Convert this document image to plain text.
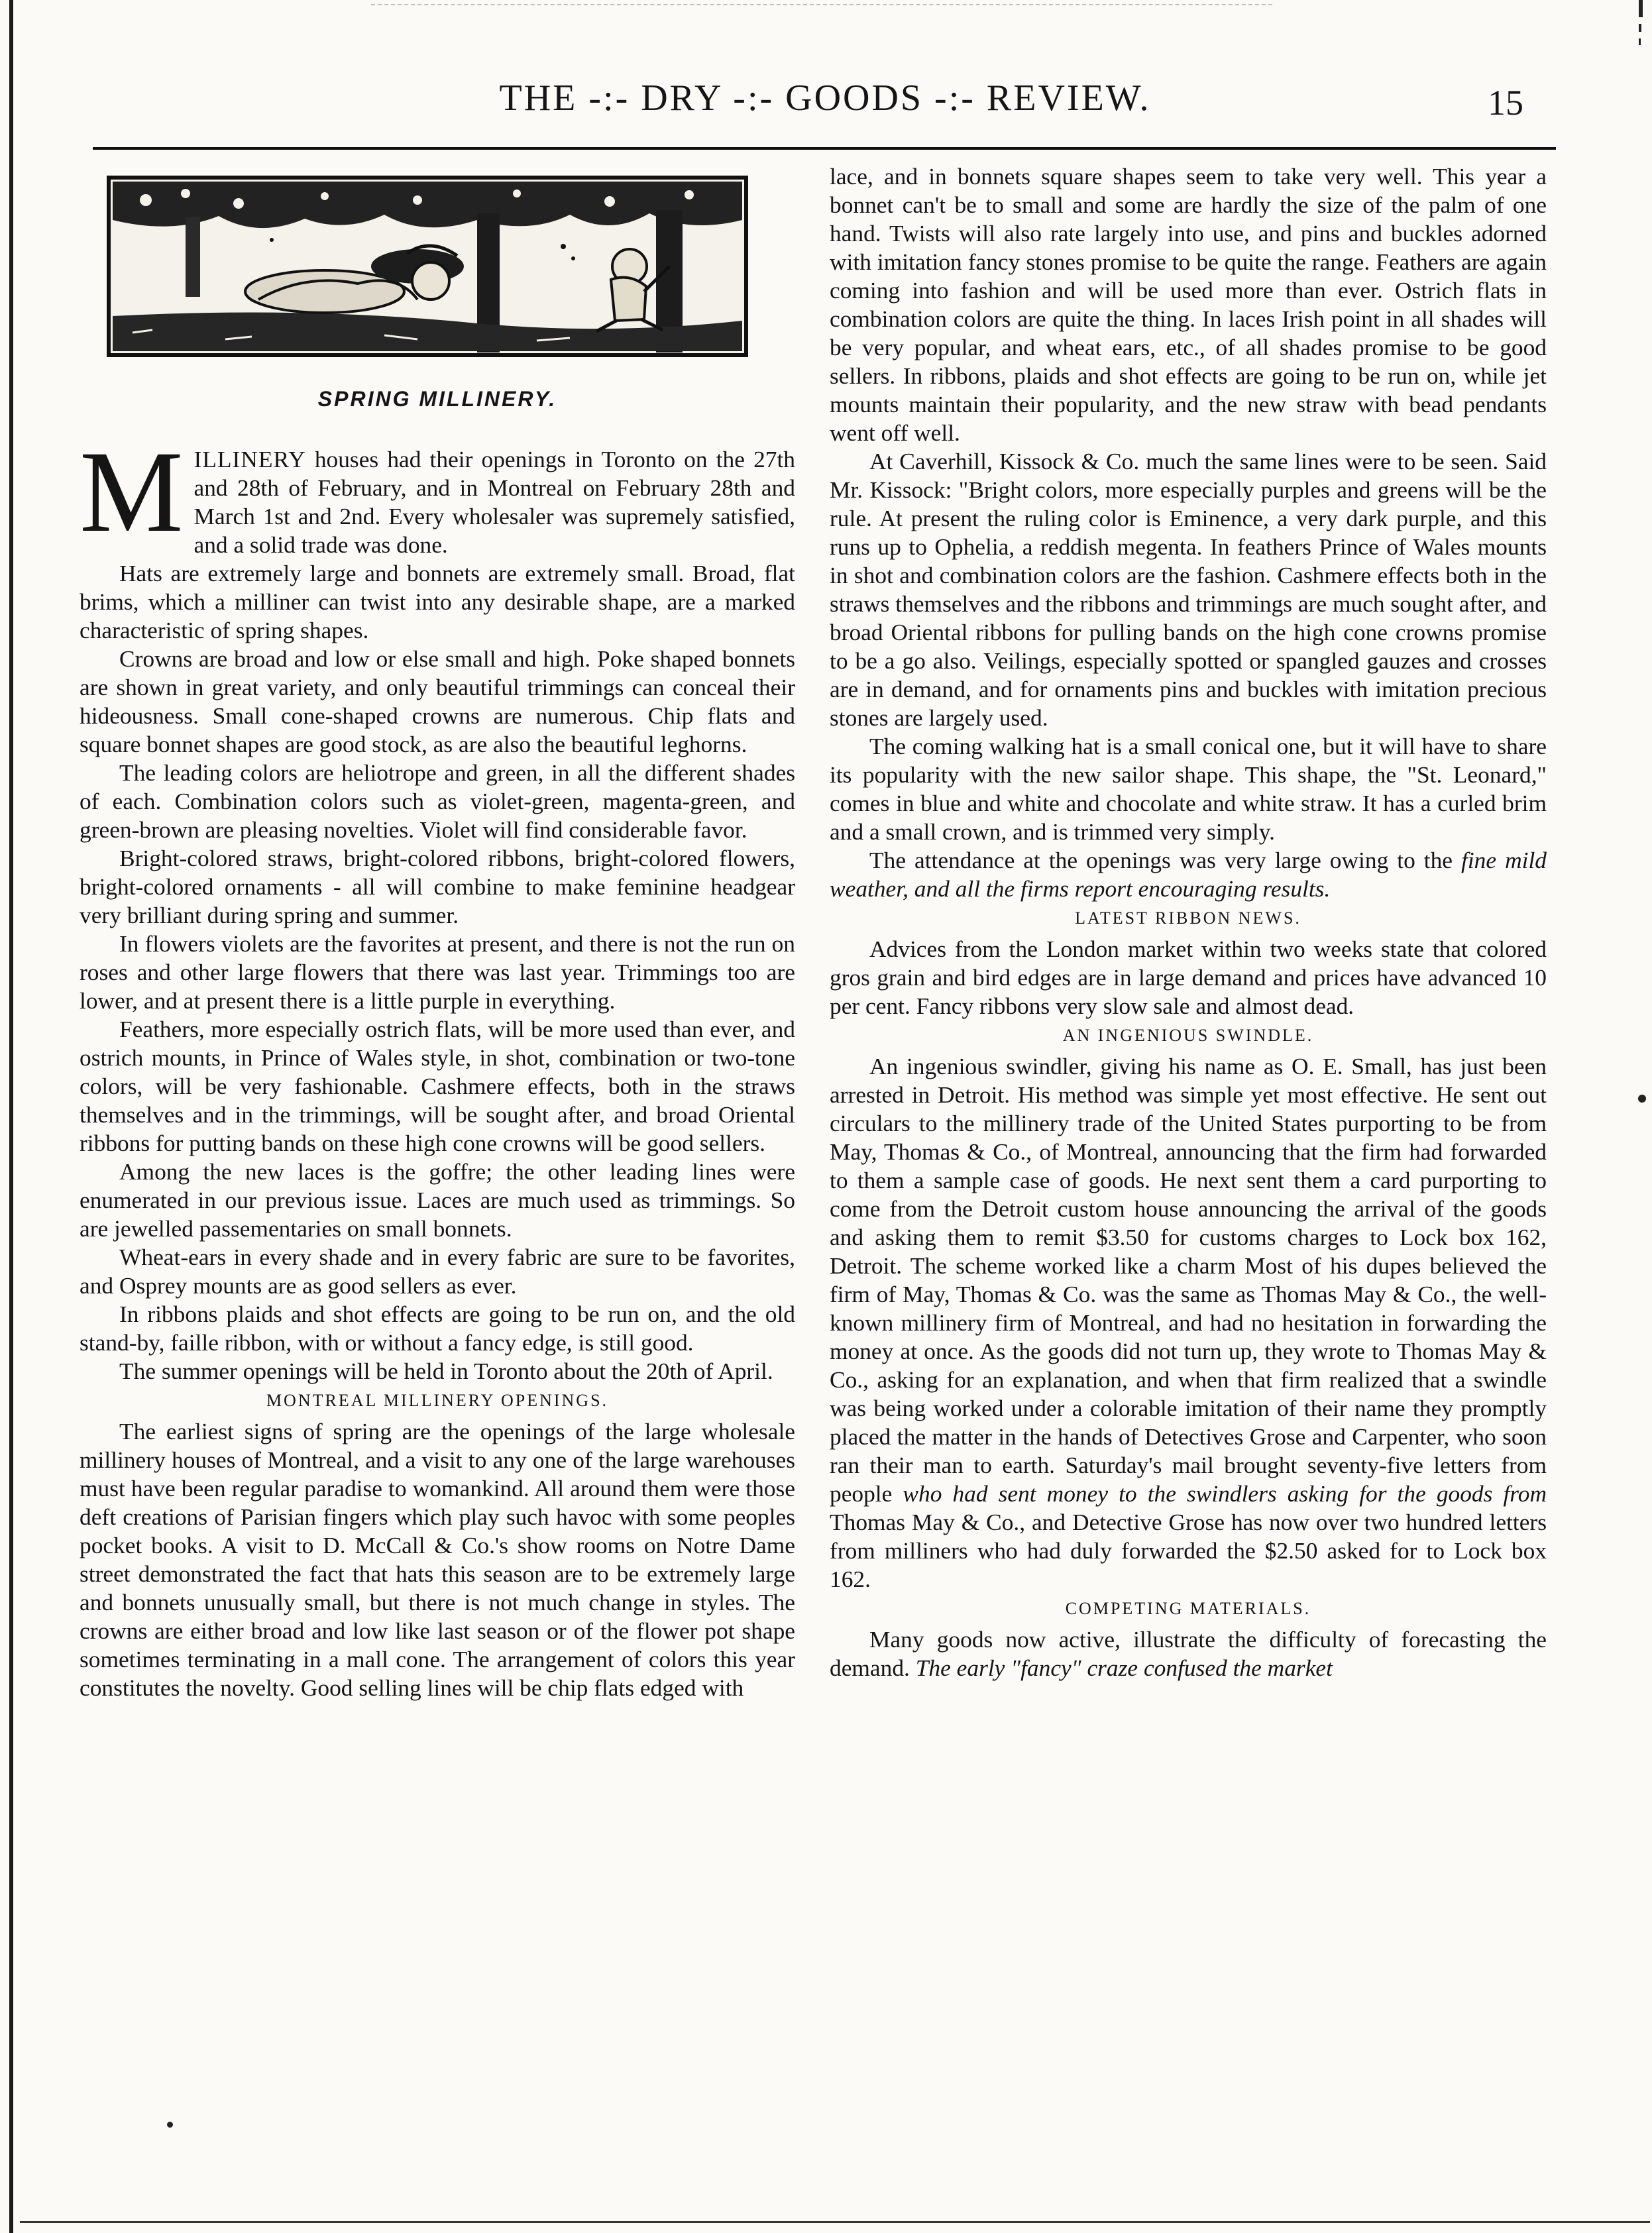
THE -:- DRY -:- GOODS -:- REVIEW.	15
SPRING MILLINERY.
M ILLINERY houses had their openings in Toronto on the 27th and 28th of February, and in Montreal on February 28th and March 1st and 2nd. Every wholesaler was supremely satisfied, and a solid trade was done.

Hats are extremely large and bonnets are extremely small. Broad, flat brims, which a milliner can twist into any desirable shape, are a marked characteristic of spring shapes.

Crowns are broad and low or else small and high. Poke shaped bonnets are shown in great variety, and only beautiful trimmings can conceal their hideousness. Small cone-shaped crowns are numerous. Chip flats and square bonnet shapes are good stock, as are also the beautiful leghorns.

The leading colors are heliotrope and green, in all the different shades of each. Combination colors such as violet-green, magenta-green, and green-brown are pleasing novelties. Violet will find considerable favor.

Bright-colored straws, bright-colored ribbons, bright-colored flowers, bright-colored ornaments - all will combine to make feminine headgear very brilliant during spring and summer.

In flowers violets are the favorites at present, and there is not the run on roses and other large flowers that there was last year. Trimmings too are lower, and at present there is a little purple in everything.

Feathers, more especially ostrich flats, will be more used than ever, and ostrich mounts, in Prince of Wales style, in shot, combination or two-tone colors, will be very fashionable. Cashmere effects, both in the straws themselves and in the trimmings, will be sought after, and broad Oriental ribbons for putting bands on these high cone crowns will be good sellers.

Among the new laces is the goffre; the other leading lines were enumerated in our previous issue. Laces are much used as trimmings. So are jewelled passementaries on small bonnets.

Wheat-ears in every shade and in every fabric are sure to be favorites, and Osprey mounts are as good sellers as ever.

In ribbons plaids and shot effects are going to be run on, and the old stand-by, faille ribbon, with or without a fancy edge, is still good.

The summer openings will be held in Toronto about the 20th of April.

MONTREAL MILLINERY OPENINGS.

The earliest signs of spring are the openings of the large wholesale millinery houses of Montreal, and a visit to any one of the large warehouses must have been regular paradise to womankind. All around them were those deft creations of Parisian fingers which play such havoc with some peoples pocket books. A visit to D. McCall & Co.'s show rooms on Notre Dame street demonstrated the fact that hats this season are to be extremely large and bonnets unusually small, but there is not much change in styles. The crowns are either broad and low like last season or of the flower pot shape sometimes terminating in a mall cone. The arrangement of colors this year constitutes the novelty. Good selling lines will be chip flats edged with

lace, and in bonnets square shapes seem to take very well. This year a bonnet can't be to small and some are hardly the size of the palm of one hand. Twists will also rate largely into use, and pins and buckles adorned with imitation fancy stones promise to be quite the range. Feathers are again coming into fashion and will be used more than ever. Ostrich flats in combination colors are quite the thing. In laces Irish point in all shades will be very popular, and wheat ears, etc., of all shades promise to be good sellers. In ribbons, plaids and shot effects are going to be run on, while jet mounts maintain their popularity, and the new straw with bead pendants went off well.

At Caverhill, Kissock & Co. much the same lines were to be seen. Said Mr. Kissock: "Bright colors, more especially purples and greens will be the rule. At present the ruling color is Eminence, a very dark purple, and this runs up to Ophelia, a reddish megenta. In feathers Prince of Wales mounts in shot and combination colors are the fashion. Cashmere effects both in the straws themselves and the ribbons and trimmings are much sought after, and broad Oriental ribbons for pulling bands on the high cone crowns promise to be a go also. Veilings, especially spotted or spangled gauzes and crosses are in demand, and for ornaments pins and buckles with imitation precious stones are largely used.

The coming walking hat is a small conical one, but it will have to share its popularity with the new sailor shape. This shape, the "St. Leonard," comes in blue and white and chocolate and white straw. It has a curled brim and a small crown, and is trimmed very simply.

The attendance at the openings was very large owing to the fine mild weather, and all the firms report encouraging results.

LATEST RIBBON NEWS.

Advices from the London market within two weeks state that colored gros grain and bird edges are in large demand and prices have advanced 10 per cent. Fancy ribbons very slow sale and almost dead.

AN INGENIOUS SWINDLE.

An ingenious swindler, giving his name as O. E. Small, has just been arrested in Detroit. His method was simple yet most effective. He sent out circulars to the millinery trade of the United States purporting to be from May, Thomas & Co., of Montreal, announcing that the firm had forwarded to them a sample case of goods. He next sent them a card purporting to come from the Detroit custom house announcing the arrival of the goods and asking them to remit $3.50 for customs charges to Lock box 162, Detroit. The scheme worked like a charm Most of his dupes believed the firm of May, Thomas & Co. was the same as Thomas May & Co., the well-known millinery firm of Montreal, and had no hesitation in forwarding the money at once. As the goods did not turn up, they wrote to Thomas May & Co., asking for an explanation, and when that firm realized that a swindle was being worked under a colorable imitation of their name they promptly placed the matter in the hands of Detectives Grose and Carpenter, who soon ran their man to earth. Saturday's mail brought seventy-five letters from people who had sent money to the swindlers asking for the goods from Thomas May & Co., and Detective Grose has now over two hundred letters from milliners who had duly forwarded the $2.50 asked for to Lock box 162.

COMPETING MATERIALS.

Many goods now active, illustrate the difficulty of forecasting the demand. The early "fancy" craze confused the market
